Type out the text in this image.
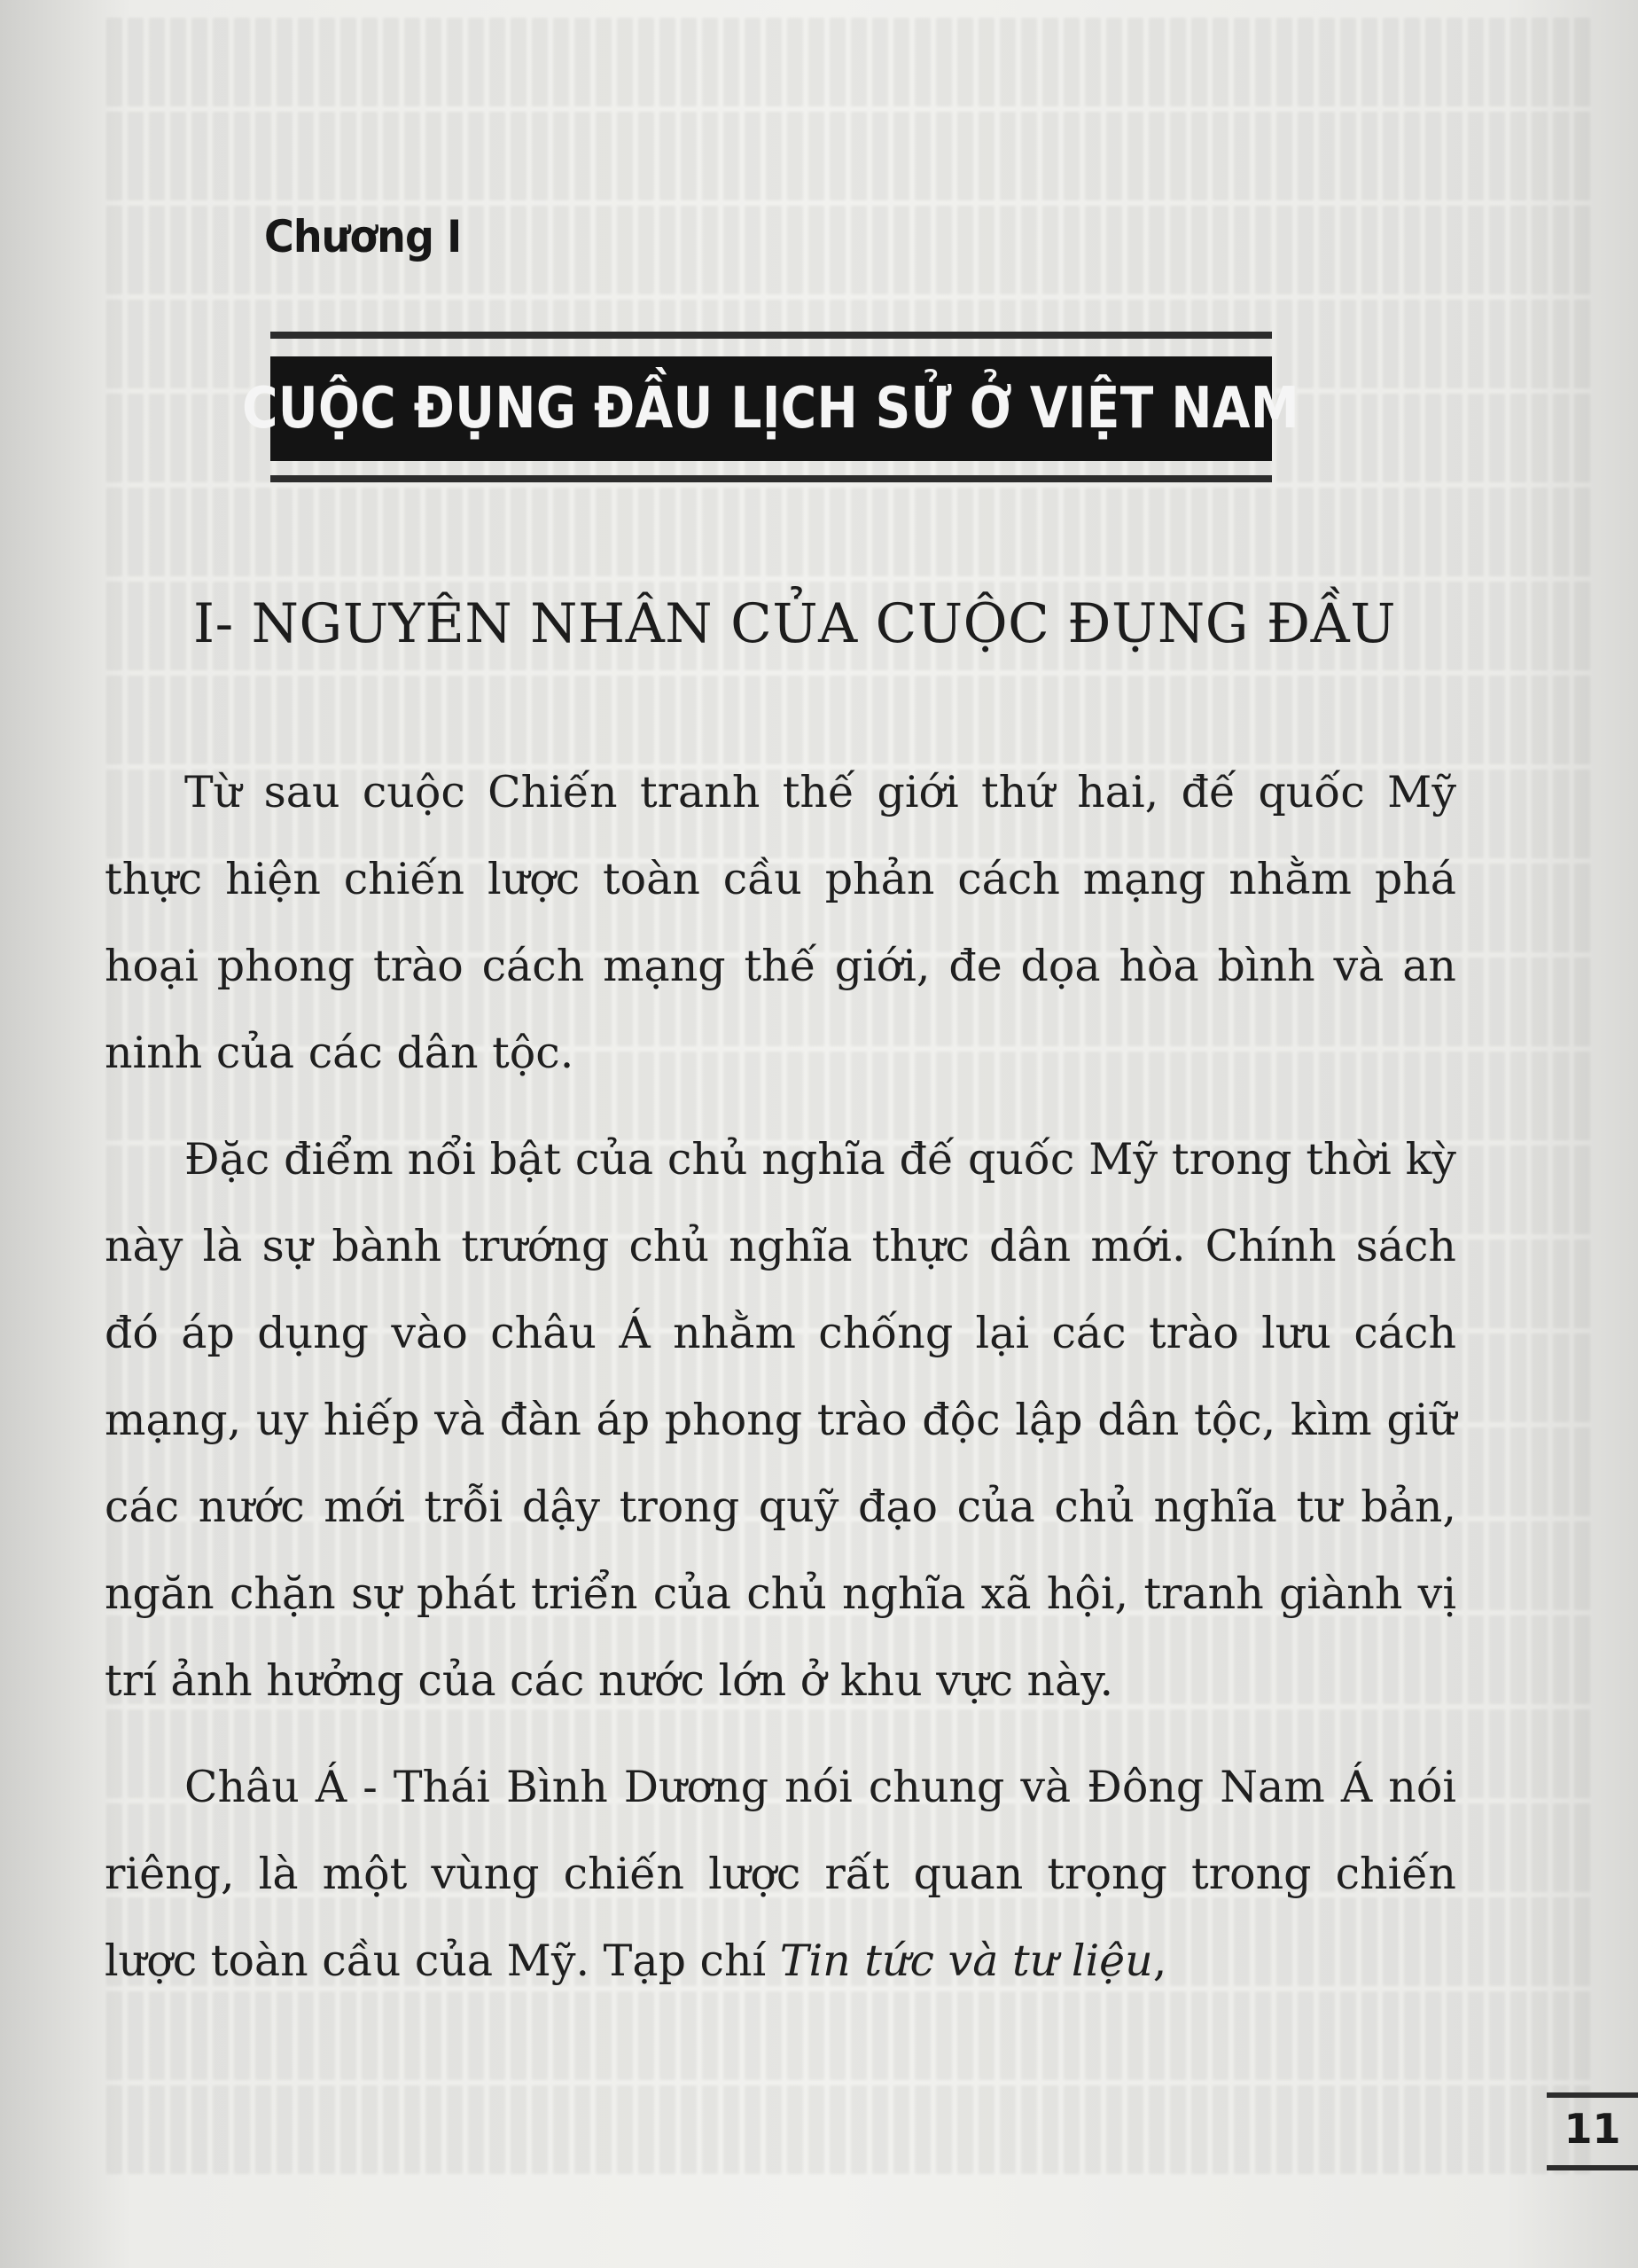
Chương I
CUỘC ĐỤNG ĐẦU LỊCH SỬ Ở VIỆT NAM
I- NGUYÊN NHÂN CỦA CUỘC ĐỤNG ĐẦU

Từ sau cuộc Chiến tranh thế giới thứ hai, đế quốc Mỹ thực hiện chiến lược toàn cầu phản cách mạng nhằm phá hoại phong trào cách mạng thế giới, đe dọa hòa bình và an ninh của các dân tộc.

Đặc điểm nổi bật của chủ nghĩa đế quốc Mỹ trong thời kỳ này là sự bành trướng chủ nghĩa thực dân mới. Chính sách đó áp dụng vào châu Á nhằm chống lại các trào lưu cách mạng, uy hiếp và đàn áp phong trào độc lập dân tộc, kìm giữ các nước mới trỗi dậy trong quỹ đạo của chủ nghĩa tư bản, ngăn chặn sự phát triển của chủ nghĩa xã hội, tranh giành vị trí ảnh hưởng của các nước lớn ở khu vực này.

Châu Á - Thái Bình Dương nói chung và Đông Nam Á nói riêng, là một vùng chiến lược rất quan trọng trong chiến lược toàn cầu của Mỹ. Tạp chí Tin tức và tư liệu,

11
